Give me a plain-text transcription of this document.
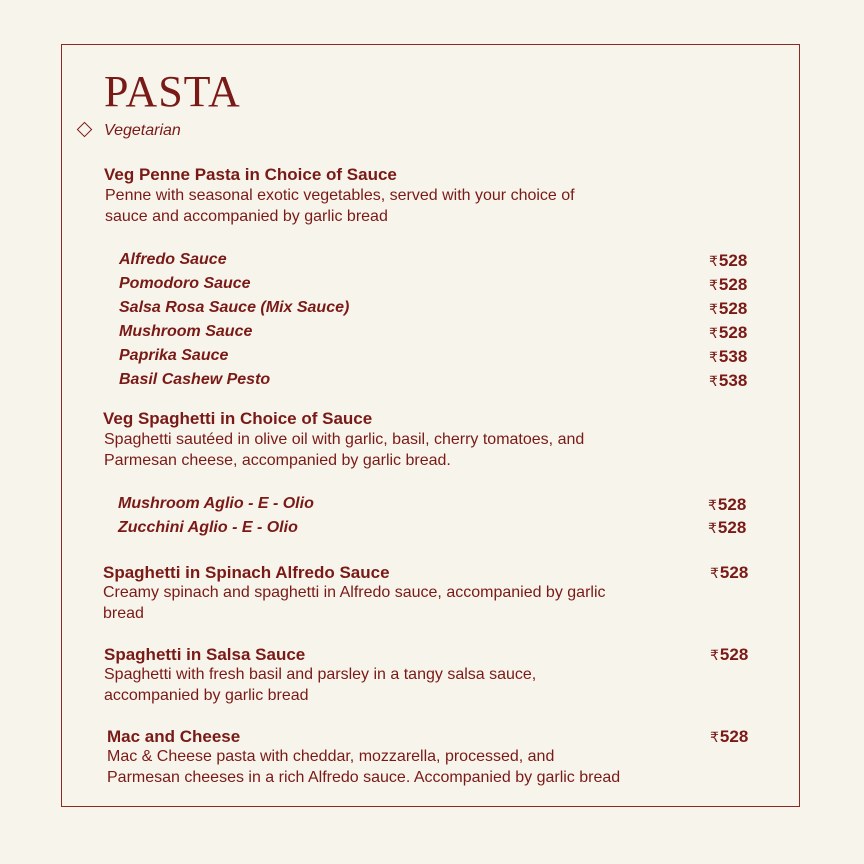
PASTA
Vegetarian
Veg Penne Pasta in Choice of Sauce
Penne with seasonal exotic vegetables, served with your choice of
sauce and accompanied by garlic bread
Alfredo Sauce	₹528
Pomodoro Sauce	₹528
Salsa Rosa Sauce (Mix Sauce)	₹528
Mushroom Sauce	₹528
Paprika Sauce	₹538
Basil Cashew Pesto	₹538
Veg Spaghetti in Choice of Sauce
Spaghetti sautéed in olive oil with garlic, basil, cherry tomatoes, and
Parmesan cheese, accompanied by garlic bread.
Mushroom Aglio - E - Olio	₹528
Zucchini Aglio - E - Olio	₹528
Spaghetti in Spinach Alfredo Sauce	₹528
Creamy spinach and spaghetti in Alfredo sauce, accompanied by garlic
bread
Spaghetti in Salsa Sauce	₹528
Spaghetti with fresh basil and parsley in a tangy salsa sauce,
accompanied by garlic bread
Mac and Cheese	₹528
Mac & Cheese pasta with cheddar, mozzarella, processed, and
Parmesan cheeses in a rich Alfredo sauce. Accompanied by garlic bread
